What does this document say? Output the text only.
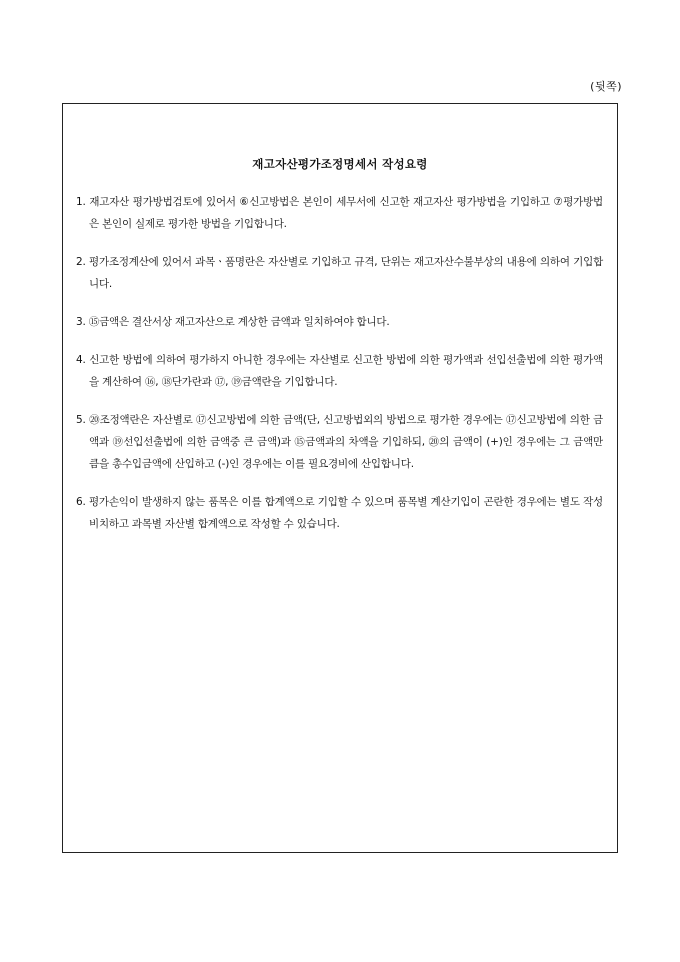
(뒷쪽)
재고자산평가조정명세서 작성요령
1. 재고자산 평가방법검토에 있어서 ⑥신고방법은 본인이 세무서에 신고한 재고자산 평가방법을 기입하고 ⑦평가방법은 본인이 실제로 평가한 방법을 기입합니다.
2. 평가조정계산에 있어서 과목ㆍ품명란은 자산별로 기입하고 규격, 단위는 재고자산수불부상의 내용에 의하여 기입합니다.
3. ⑮금액은 결산서상 재고자산으로 계상한 금액과 일치하여야 합니다.
4. 신고한 방법에 의하여 평가하지 아니한 경우에는 자산별로 신고한 방법에 의한 평가액과 선입선출법에 의한 평가액을 계산하여 ⑯, ⑱단가란과 ⑰, ⑲금액란을 기입합니다.
5. ⑳조정액란은 자산별로 ⑰신고방법에 의한 금액(단, 신고방법외의 방법으로 평가한 경우에는 ⑰신고방법에 의한 금액과 ⑲선입선출법에 의한 금액중 큰 금액)과 ⑮금액과의 차액을 기입하되, ⑳의 금액이 (+)인 경우에는 그 금액만큼을 총수입금액에 산입하고 (-)인 경우에는 이를 필요경비에 산입합니다.
6. 평가손익이 발생하지 않는 품목은 이를 합계액으로 기입할 수 있으며 품목별 계산기입이 곤란한 경우에는 별도 작성 비치하고 과목별 자산별 합계액으로 작성할 수 있습니다.
